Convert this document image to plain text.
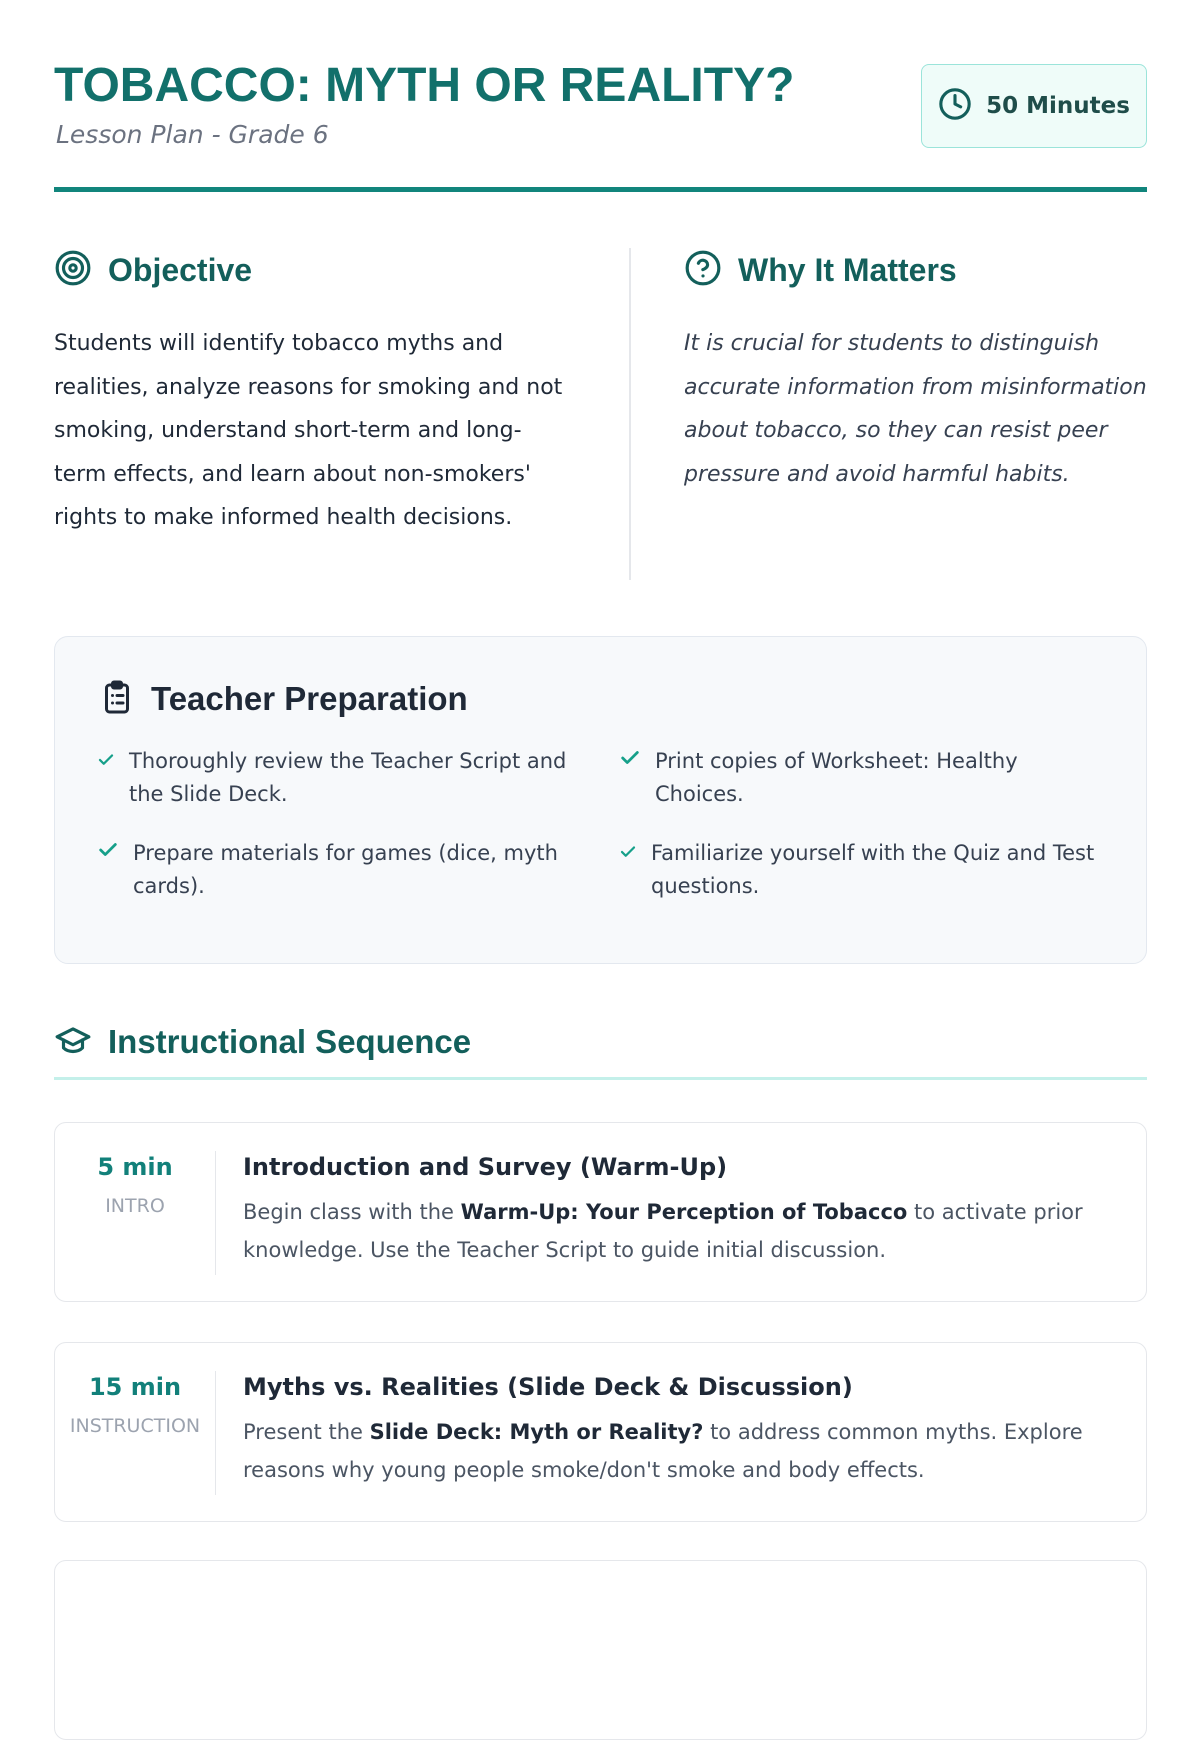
TOBACCO: MYTH OR REALITY?
Lesson Plan - Grade 6
50 Minutes
Objective
Students will identify tobacco myths and realities, analyze reasons for smoking and not smoking, understand short-term and long-term effects, and learn about non-smokers' rights to make informed health decisions.
Why It Matters
It is crucial for students to distinguish accurate information from misinformation about tobacco, so they can resist peer pressure and avoid harmful habits.
Teacher Preparation
Thoroughly review the Teacher Script and the Slide Deck.
Print copies of Worksheet: Healthy Choices.
Prepare materials for games (dice, myth cards).
Familiarize yourself with the Quiz and Test questions.
Instructional Sequence
5 min
INTRO
Introduction and Survey (Warm-Up)
Begin class with the Warm-Up: Your Perception of Tobacco to activate prior knowledge. Use the Teacher Script to guide initial discussion.
15 min
INSTRUCTION
Myths vs. Realities (Slide Deck & Discussion)
Present the Slide Deck: Myth or Reality? to address common myths. Explore reasons why young people smoke/don't smoke and body effects.
